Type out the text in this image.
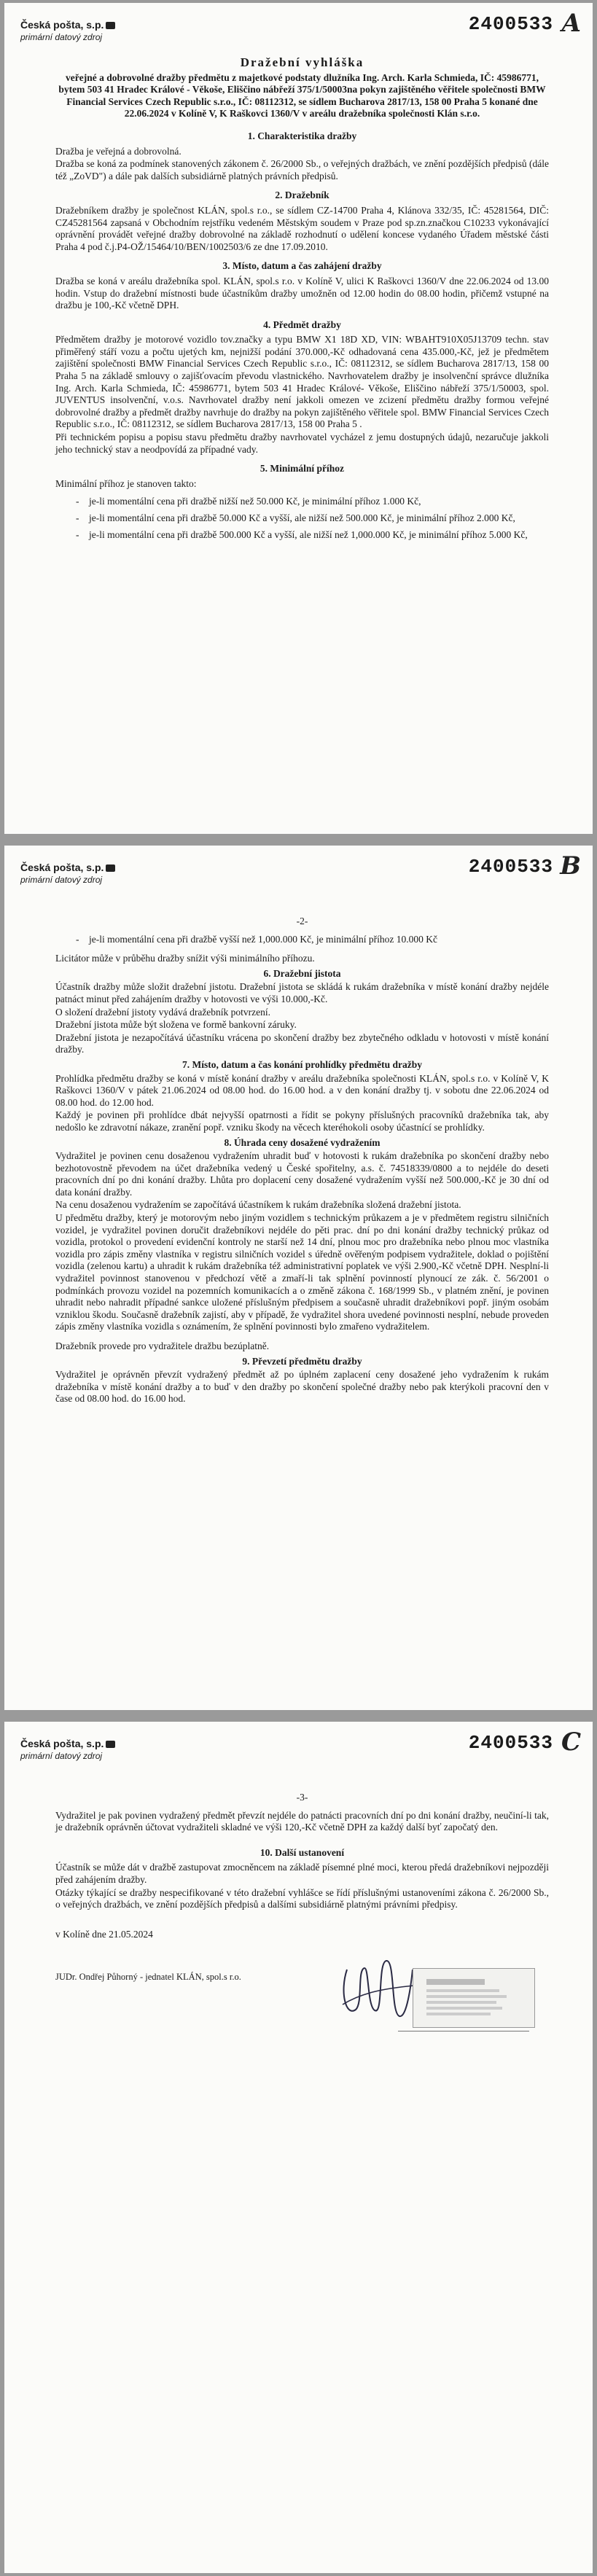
Česká pošta, s.p.
primární datový zdroj
2400533 A
Dražební vyhláška
veřejné a dobrovolné dražby předmětu z majetkové podstaty dlužníka Ing. Arch. Karla Schmieda, IČ: 45986771, bytem 503 41 Hradec Králové - Věkoše, Eliščino nábřeží 375/1/50003na pokyn zajištěného věřitele společnosti BMW Financial Services Czech Republic s.r.o., IČ: 08112312, se sídlem Bucharova 2817/13, 158 00 Praha 5 konané dne 22.06.2024 v Kolíně V, K Raškovci 1360/V v areálu dražebníka společnosti Klán s.r.o.
1. Charakteristika dražby

Dražba je veřejná a dobrovolná.

Dražba se koná za podmínek stanovených zákonem č. 26/2000 Sb., o veřejných dražbách, ve znění pozdějších předpisů (dále též „ZoVD") a dále pak dalších subsidiárně platných právních předpisů.

2. Dražebník

Dražebníkem dražby je společnost KLÁN, spol.s r.o., se sídlem CZ-14700 Praha 4, Klánova 332/35, IČ: 45281564, DIČ: CZ45281564 zapsaná v Obchodním rejstříku vedeném Městským soudem v Praze pod sp.zn.značkou C10233 vykonávající oprávnění provádět veřejné dražby dobrovolné na základě rozhodnutí o udělení koncese vydaného Úřadem městské části Praha 4 pod č.j.P4-OŽ/15464/10/BEN/1002503/6 ze dne 17.09.2010.

3. Místo, datum a čas zahájení dražby

Dražba se koná v areálu dražebníka spol. KLÁN, spol.s r.o. v Kolíně V, ulici K Raškovci 1360/V dne 22.06.2024 od 13.00 hodin. Vstup do dražební místnosti bude účastníkům dražby umožněn od 12.00 hodin do 08.00 hodin, přičemž vstupné na dražbu je 100,-Kč včetně DPH.

4. Předmět dražby

Předmětem dražby je motorové vozidlo tov.značky a typu BMW X1 18D XD, VIN: WBAHT910X05J13709 techn. stav přiměřený stáří vozu a počtu ujetých km, nejnižší podání 370.000,-Kč odhadovaná cena 435.000,-Kč, jež je předmětem zajištění společnosti BMW Financial Services Czech Republic s.r.o., IČ: 08112312, se sídlem Bucharova 2817/13, 158 00 Praha 5 na základě smlouvy o zajišťovacím převodu vlastnického. Navrhovatelem dražby je insolvenční správce dlužníka Ing. Arch. Karla Schmieda, IČ: 45986771, bytem 503 41 Hradec Králové- Věkoše, Eliščino nábřeží 375/1/50003, spol. JUVENTUS insolvenční, v.o.s. Navrhovatel dražby není jakkoli omezen ve zcizení předmětu dražby formou veřejné dobrovolné dražby a předmět dražby navrhuje do dražby na pokyn zajištěného věřitele spol. BMW Financial Services Czech Republic s.r.o., IČ: 08112312, se sídlem Bucharova 2817/13, 158 00 Praha 5 .

Při technickém popisu a popisu stavu předmětu dražby navrhovatel vycházel z jemu dostupných údajů, nezaručuje jakkoli jeho technický stav a neodpovídá za případné vady.

5. Minimální příhoz

Minimální příhoz je stanoven takto:

- je-li momentální cena při dražbě nižší než 50.000 Kč, je minimální příhoz 1.000 Kč,
- je-li momentální cena při dražbě 50.000 Kč a vyšší, ale nižší než 500.000 Kč, je minimální příhoz 2.000 Kč,
- je-li momentální cena při dražbě 500.000 Kč a vyšší, ale nižší než 1,000.000 Kč, je minimální příhoz 5.000 Kč,
Česká pošta, s.p.
primární datový zdroj
2400533 B
-2-
- je-li momentální cena při dražbě vyšší než 1,000.000 Kč, je minimální příhoz 10.000 Kč

Licitátor může v průběhu dražby snížit výši minimálního příhozu.

6. Dražební jistota

Účastník dražby může složit dražební jistotu. Dražební jistota se skládá k rukám dražebníka v místě konání dražby nejdéle patnáct minut před zahájením dražby v hotovosti ve výši 10.000,-Kč.

O složení dražební jistoty vydává dražebník potvrzení.

Dražební jistota může být složena ve formě bankovní záruky.

Dražební jistota je nezapočítává účastníku vrácena po skončení dražby bez zbytečného odkladu v hotovosti v místě konání dražby.

7. Místo, datum a čas konání prohlídky předmětu dražby

Prohlídka předmětu dražby se koná v místě konání dražby v areálu dražebníka společnosti KLÁN, spol.s r.o. v Kolíně V, K Raškovci 1360/V v pátek 21.06.2024 od 08.00 hod. do 16.00 hod. a v den konání dražby tj. v sobotu dne 22.06.2024 od 08.00 hod. do 12.00 hod.

Každý je povinen při prohlídce dbát nejvyšší opatrnosti a řídit se pokyny příslušných pracovníků dražebníka tak, aby nedošlo ke zdravotní nákaze, zranění popř. vzniku škody na věcech kteréhokoli osoby účastnící se prohlídky.

8. Úhrada ceny dosažené vydražením

Vydražitel je povinen cenu dosaženou vydražením uhradit buď v hotovosti k rukám dražebníka po skončení dražby nebo bezhotovostně převodem na účet dražebníka vedený u České spořitelny, a.s. č. 74518339/0800 a to nejdéle do deseti pracovních dní po dni konání dražby. Lhůta pro doplacení ceny dosažené vydražením vyšší než 500.000,-Kč je 30 dní od data konání dražby.

Na cenu dosaženou vydražením se započítává účastníkem k rukám dražebníka složená dražební jistota.

U předmětu dražby, který je motorovým nebo jiným vozidlem s technickým průkazem a je v předmětem registru silničních vozidel, je vydražitel povinen doručit dražebníkovi nejdéle do pěti prac. dní po dni konání dražby technický průkaz od vozidla, protokol o provedení evidenční kontroly ne starší než 14 dní, plnou moc pro dražebníka nebo plnou moc vlastníka vozidla pro zápis změny vlastníka v registru silničních vozidel s úředně ověřeným podpisem vydražitele, doklad o pojištění vozidla (zelenou kartu) a uhradit k rukám dražebníka též administrativní poplatek ve výši 2.900,-Kč včetně DPH. Nesplní-li vydražitel povinnost stanovenou v předchozí větě a zmaří-li tak splnění povinností plynoucí ze zák. č. 56/2001 o podmínkách provozu vozidel na pozemních komunikacích a o změně zákona č. 168/1999 Sb., v platném znění, je povinen uhradit nebo nahradit případné sankce uložené příslušným předpisem a současně uhradit dražebníkovi popř. jiným osobám vzniklou škodu. Současně dražebník zajistí, aby v případě, že vydražitel shora uvedené povinnosti nesplní, nebude proveden zápis změny vlastníka vozidla s oznámením, že splnění povinnosti bylo zmařeno vydražitelem.

Dražebník provede pro vydražitele dražbu bezúplatně.

9. Převzetí předmětu dražby

Vydražitel je oprávněn převzít vydražený předmět až po úplném zaplacení ceny dosažené jeho vydražením k rukám dražebníka v místě konání dražby a to buď v den dražby po skončení společné dražby nebo pak kterýkoli pracovní den v čase od 08.00 hod. do 16.00 hod.

Česká pošta, s.p.
primární datový zdroj
2400533 C
-3-

Vydražitel je pak povinen vydražený předmět převzít nejdéle do patnácti pracovních dní po dni konání dražby, neučiní-li tak, je dražebník oprávněn účtovat vydražiteli skladné ve výši 120,-Kč včetně DPH za každý další byť započatý den.

10. Další ustanovení

Účastník se může dát v dražbě zastupovat zmocněncem na základě písemné plné moci, kterou předá dražebníkovi nejpozději před zahájením dražby.

Otázky týkající se dražby nespecifikované v této dražební vyhlášce se řídí příslušnými ustanoveními zákona č. 26/2000 Sb., o veřejných dražbách, ve znění pozdějších předpisů a dalšími subsidiárně platnými právními předpisy.

v Kolíně dne 21.05.2024

JUDr. Ondřej Půhorný - jednatel KLÁN, spol.s r.o.
